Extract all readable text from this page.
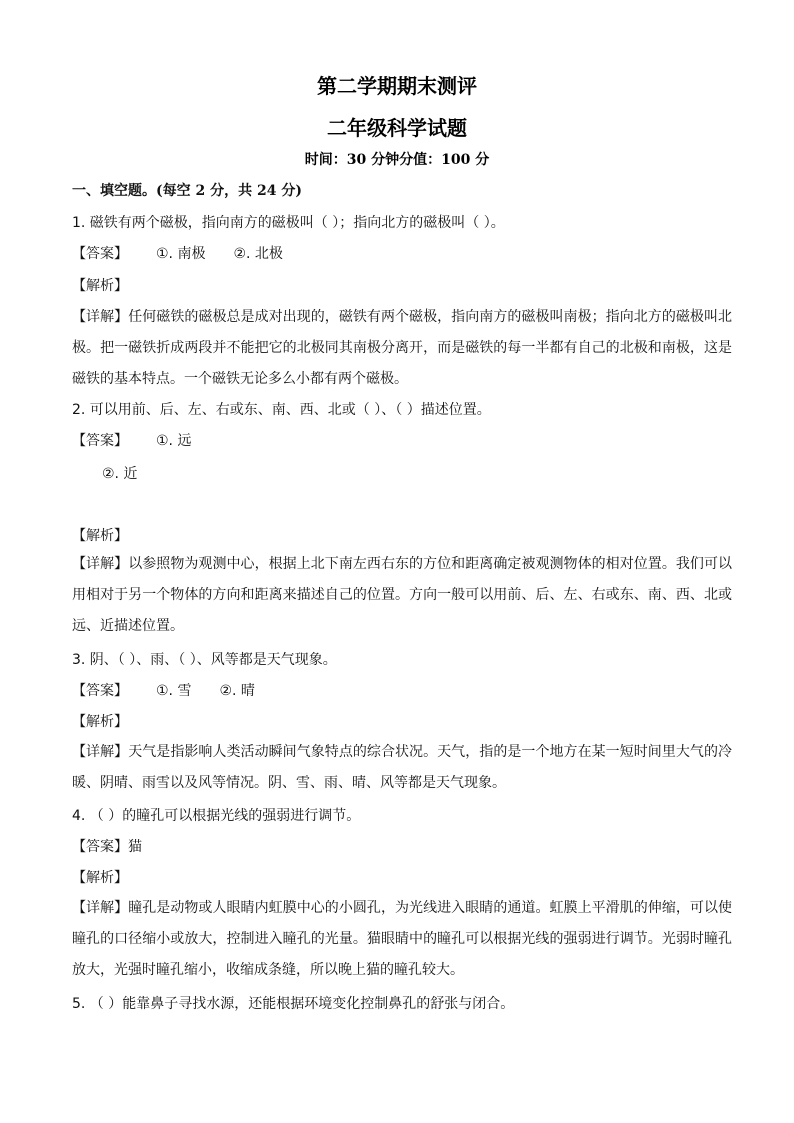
第二学期期末测评
二年级科学试题
时间：30 分钟分值：100 分
一、填空题。(每空 2 分，共 24 分)
1. 磁铁有两个磁极，指向南方的磁极叫（ ）；指向北方的磁极叫（ ）。
【答案】 ①. 南极 ②. 北极
【解析】
【详解】任何磁铁的磁极总是成对出现的，磁铁有两个磁极，指向南方的磁极叫南极；指向北方的磁极叫北极。把一磁铁折成两段并不能把它的北极同其南极分离开，而是磁铁的每一半都有自己的北极和南极，这是磁铁的基本特点。一个磁铁无论多么小都有两个磁极。
2. 可以用前、后、左、右或东、南、西、北或（ ）、（ ）描述位置。
【答案】 ①. 远
②. 近
【解析】
【详解】以参照物为观测中心，根据上北下南左西右东的方位和距离确定被观测物体的相对位置。我们可以用相对于另一个物体的方向和距离来描述自己的位置。方向一般可以用前、后、左、右或东、南、西、北或远、近描述位置。
3. 阴、（ ）、雨、（ ）、风等都是天气现象。
【答案】 ①. 雪 ②. 晴
【解析】
【详解】天气是指影响人类活动瞬间气象特点的综合状况。天气，指的是一个地方在某一短时间里大气的冷暖、阴晴、雨雪以及风等情况。阴、雪、雨、晴、风等都是天气现象。
4. （ ）的瞳孔可以根据光线的强弱进行调节。
【答案】猫
【解析】
【详解】瞳孔是动物或人眼睛内虹膜中心的小圆孔，为光线进入眼睛的通道。虹膜上平滑肌的伸缩，可以使瞳孔的口径缩小或放大，控制进入瞳孔的光量。猫眼睛中的瞳孔可以根据光线的强弱进行调节。光弱时瞳孔放大，光强时瞳孔缩小，收缩成条缝，所以晚上猫的瞳孔较大。
5. （ ）能靠鼻子寻找水源，还能根据环境变化控制鼻孔的舒张与闭合。
